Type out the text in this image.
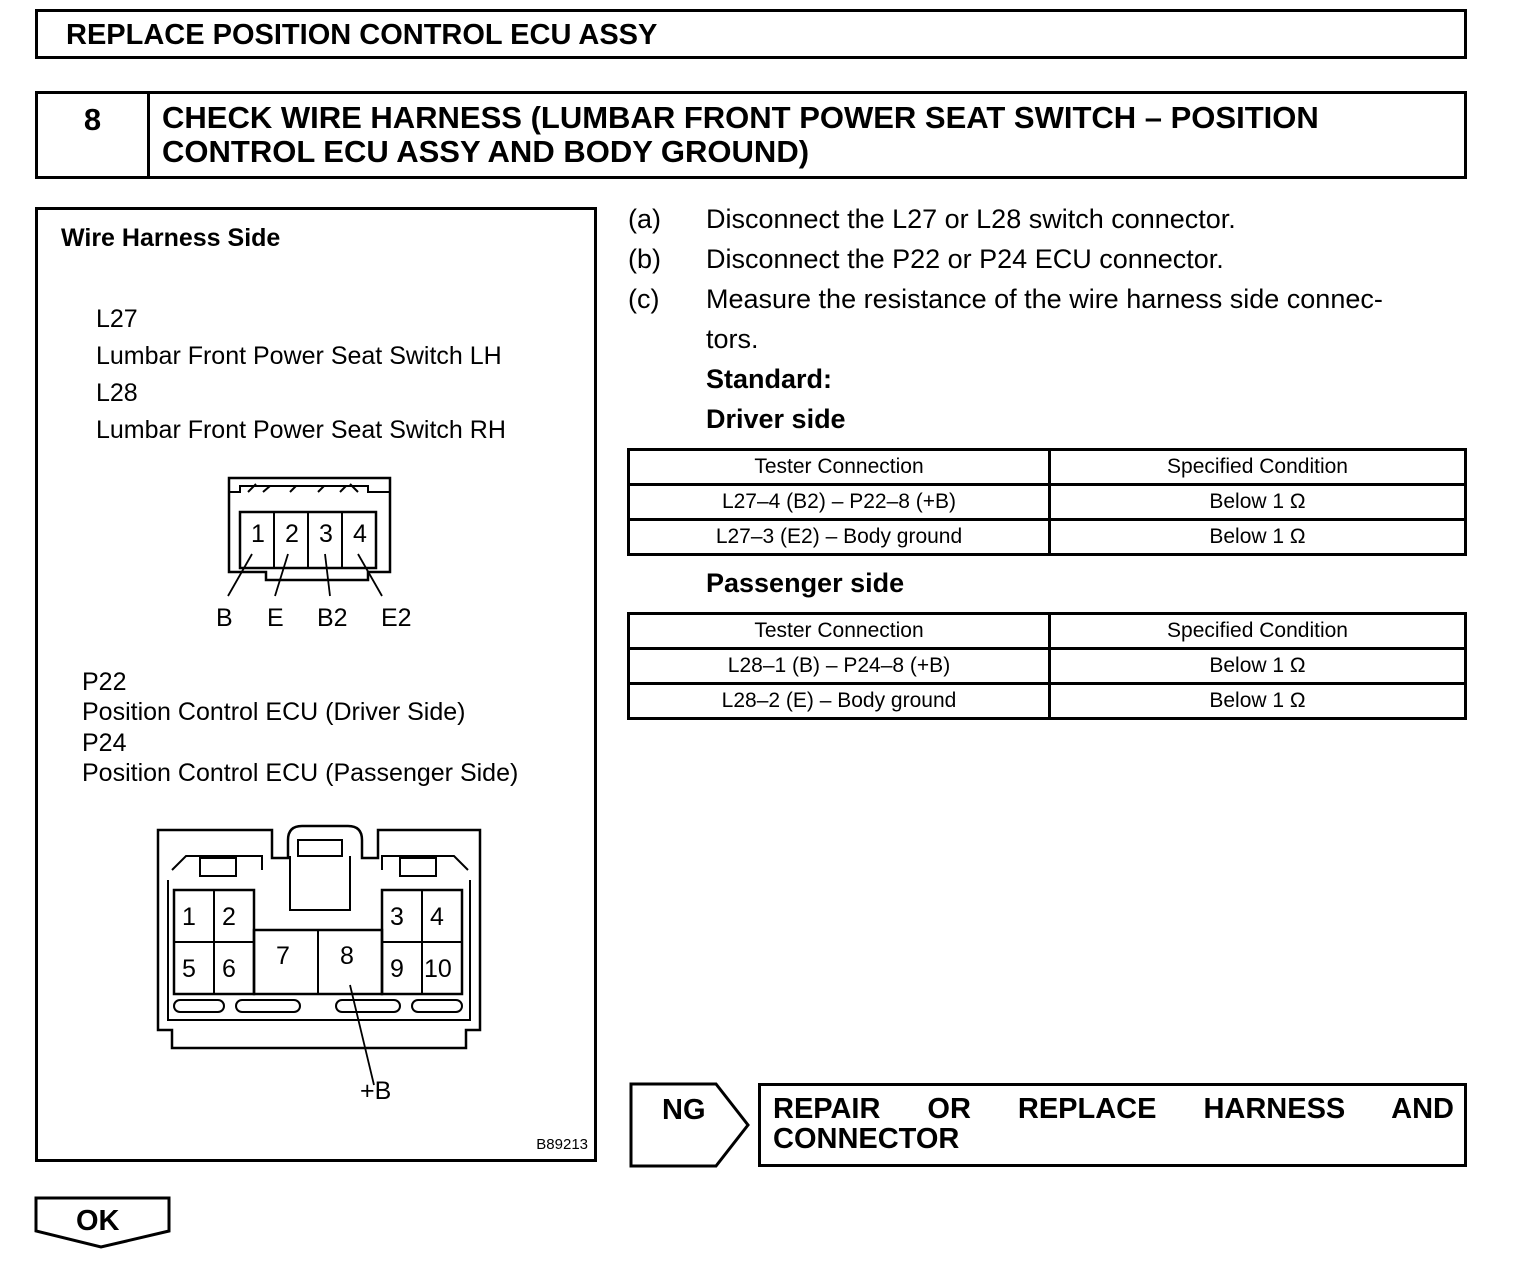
REPLACE POSITION CONTROL ECU ASSY
8	CHECK WIRE HARNESS (LUMBAR FRONT POWER SEAT SWITCH – POSITION
CONTROL ECU ASSY AND BODY GROUND)
Wire Harness Side
L27
Lumbar Front Power Seat Switch LH
L28
Lumbar Front Power Seat Switch RH
1 2 3 4
B E B2 E2
P22
Position Control ECU (Driver Side)
P24
Position Control ECU (Passenger Side)
1 2	3 4
5 6 7 8 9 10
+B
B89213
(a) Disconnect the L27 or L28 switch connector.
(b) Disconnect the P22 or P24 ECU connector.
(c) Measure the resistance of the wire harness side connec-
tors.
Standard:
Driver side
Tester Connection	Specified Condition
L27–4 (B2) – P22–8 (+B)	Below 1 Ω
L27–3 (E2) – Body ground	Below 1 Ω
Passenger side
Tester Connection	Specified Condition
L28–1 (B) – P24–8 (+B)	Below 1 Ω
L28–2 (E) – Body ground	Below 1 Ω
NG REPAIR OR REPLACE HARNESS AND
CONNECTOR
OK
